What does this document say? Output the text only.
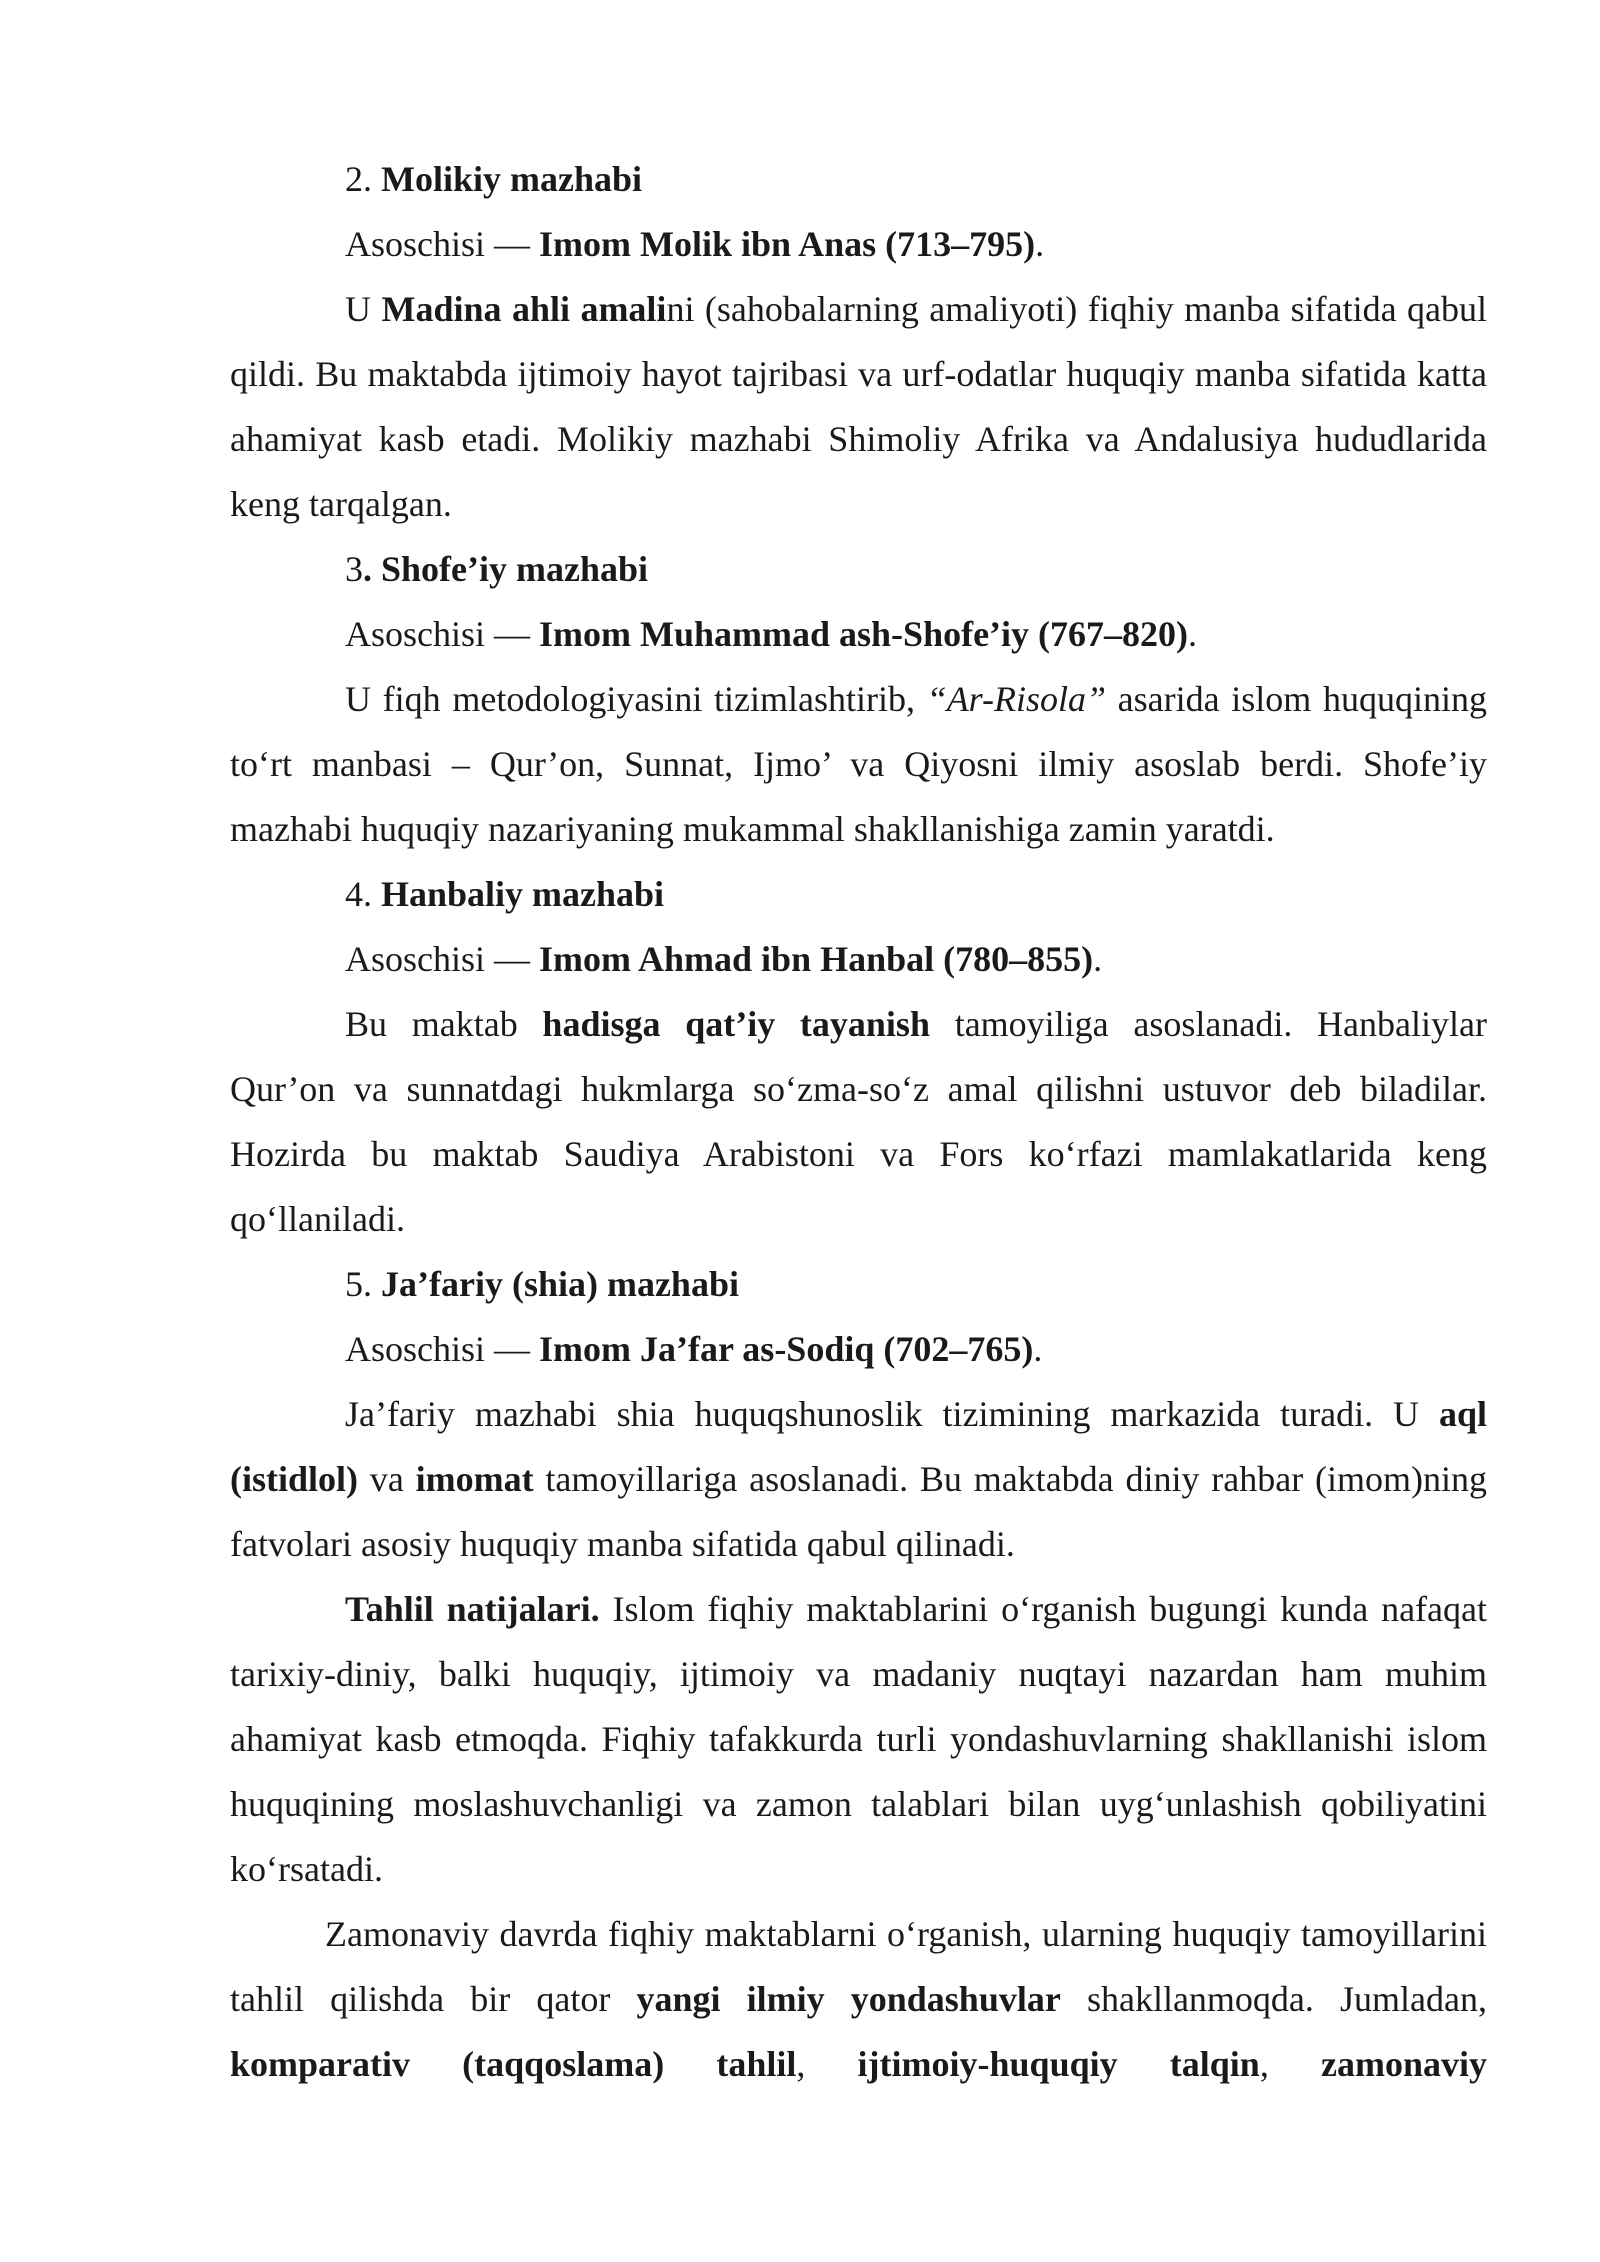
2. Molikiy mazhabi

Asoschisi — Imom Molik ibn Anas (713–795).

U Madina ahli amalini (sahobalarning amaliyoti) fiqhiy manba sifatida qabul qildi. Bu maktabda ijtimoiy hayot tajribasi va urf-odatlar huquqiy manba sifatida katta ahamiyat kasb etadi. Molikiy mazhabi Shimoliy Afrika va Andalusiya hududlarida keng tarqalgan.

3. Shofe’iy mazhabi

Asoschisi — Imom Muhammad ash-Shofe’iy (767–820).

U fiqh metodologiyasini tizimlashtirib, “Ar-Risola” asarida islom huquqining to‘rt manbasi – Qur’on, Sunnat, Ijmo’ va Qiyosni ilmiy asoslab berdi. Shofe’iy mazhabi huquqiy nazariyaning mukammal shakllanishiga zamin yaratdi.

4. Hanbaliy mazhabi

Asoschisi — Imom Ahmad ibn Hanbal (780–855).

Bu maktab hadisga qat’iy tayanish tamoyiliga asoslanadi. Hanbaliylar Qur’on va sunnatdagi hukmlarga so‘zma-so‘z amal qilishni ustuvor deb biladilar. Hozirda bu maktab Saudiya Arabistoni va Fors ko‘rfazi mamlakatlarida keng qo‘llaniladi.

5. Ja’fariy (shia) mazhabi

Asoschisi — Imom Ja’far as-Sodiq (702–765).

Ja’fariy mazhabi shia huquqshunoslik tizimining markazida turadi. U aql (istidlol) va imomat tamoyillariga asoslanadi. Bu maktabda diniy rahbar (imom)ning fatvolari asosiy huquqiy manba sifatida qabul qilinadi.

Tahlil natijalari. Islom fiqhiy maktablarini o‘rganish bugungi kunda nafaqat tarixiy-diniy, balki huquqiy, ijtimoiy va madaniy nuqtayi nazardan ham muhim ahamiyat kasb etmoqda. Fiqhiy tafakkurda turli yondashuvlarning shakllanishi islom huquqining moslashuvchanligi va zamon talablari bilan uyg‘unlashish qobiliyatini ko‘rsatadi.

Zamonaviy davrda fiqhiy maktablarni o‘rganish, ularning huquqiy tamoyillarini tahlil qilishda bir qator yangi ilmiy yondashuvlar shakllanmoqda. Jumladan, komparativ (taqqoslama) tahlil, ijtimoiy-huquqiy talqin, zamonaviy
